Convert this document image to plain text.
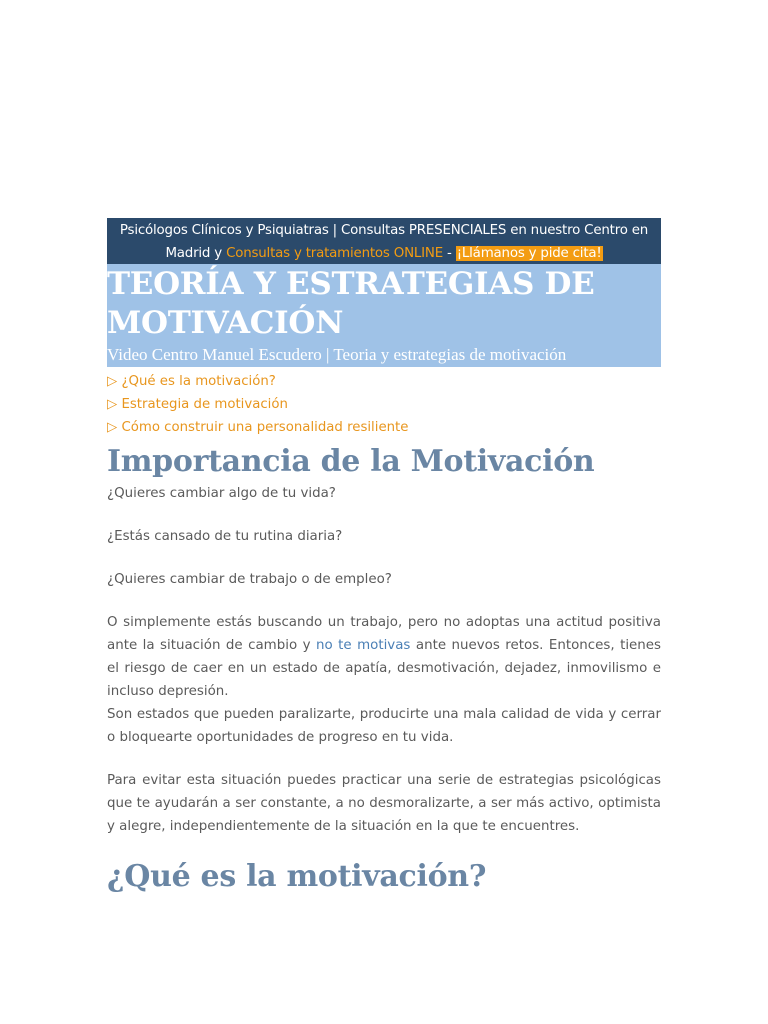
Psicólogos Clínicos y Psiquiatras | Consultas PRESENCIALES en nuestro Centro en
Madrid y Consultas y tratamientos ONLINE - ¡Llámanos y pide cita!
TEORÍA Y ESTRATEGIAS DE
MOTIVACIÓN
Video Centro Manuel Escudero | Teoria y estrategias de motivación
▷ ¿Qué es la motivación?
▷ Estrategia de motivación
▷ Cómo construir una personalidad resiliente
Importancia de la Motivación

¿Quieres cambiar algo de tu vida?

¿Estás cansado de tu rutina diaria?

¿Quieres cambiar de trabajo o de empleo?

O simplemente estás buscando un trabajo, pero no adoptas una actitud positiva ante la situación de cambio y no te motivas ante nuevos retos. Entonces, tienes el riesgo de caer en un estado de apatía, desmotivación, dejadez, inmovilismo e incluso depresión.

Son estados que pueden paralizarte, producirte una mala calidad de vida y cerrar o bloquearte oportunidades de progreso en tu vida.

Para evitar esta situación puedes practicar una serie de estrategias psicológicas que te ayudarán a ser constante, a no desmoralizarte, a ser más activo, optimista y alegre, independientemente de la situación en la que te encuentres.

¿Qué es la motivación?
